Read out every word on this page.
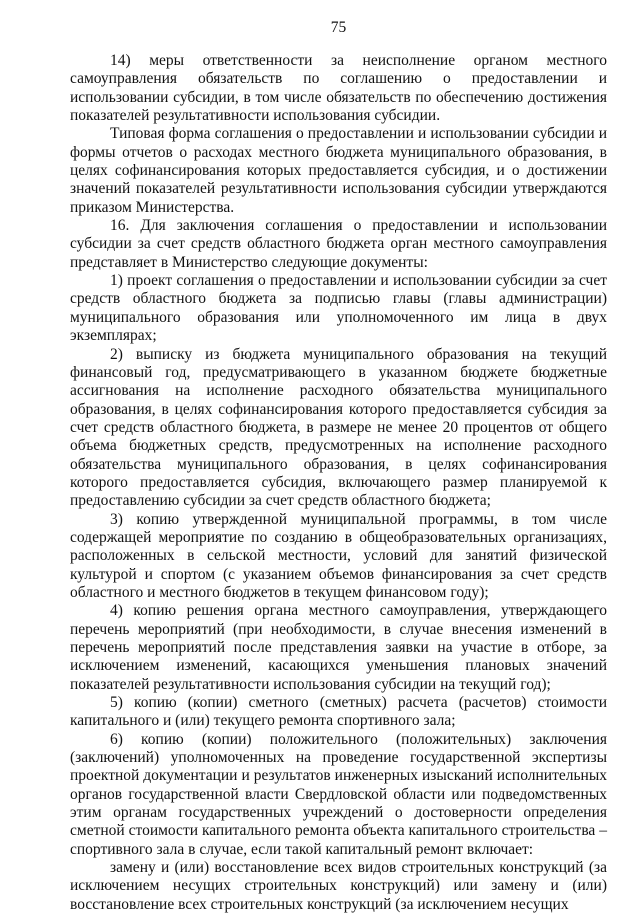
75

14) меры ответственности за неисполнение органом местного самоуправления обязательств по соглашению о предоставлении и использовании субсидии, в том числе обязательств по обеспечению достижения показателей результативности использования субсидии.

Типовая форма соглашения о предоставлении и использовании субсидии и формы отчетов о расходах местного бюджета муниципального образования, в целях софинансирования которых предоставляется субсидия, и о достижении значений показателей результативности использования субсидии утверждаются приказом Министерства.

16. Для заключения соглашения о предоставлении и использовании субсидии за счет средств областного бюджета орган местного самоуправления представляет в Министерство следующие документы:

1) проект соглашения о предоставлении и использовании субсидии за счет средств областного бюджета за подписью главы (главы администрации) муниципального образования или уполномоченного им лица в двух экземплярах;

2) выписку из бюджета муниципального образования на текущий финансовый год, предусматривающего в указанном бюджете бюджетные ассигнования на исполнение расходного обязательства муниципального образования, в целях софинансирования которого предоставляется субсидия за счет средств областного бюджета, в размере не менее 20 процентов от общего объема бюджетных средств, предусмотренных на исполнение расходного обязательства муниципального образования, в целях софинансирования которого предоставляется субсидия, включающего размер планируемой к предоставлению субсидии за счет средств областного бюджета;

3) копию утвержденной муниципальной программы, в том числе содержащей мероприятие по созданию в общеобразовательных организациях, расположенных в сельской местности, условий для занятий физической культурой и спортом (с указанием объемов финансирования за счет средств областного и местного бюджетов в текущем финансовом году);

4) копию решения органа местного самоуправления, утверждающего перечень мероприятий (при необходимости, в случае внесения изменений в перечень мероприятий после представления заявки на участие в отборе, за исключением изменений, касающихся уменьшения плановых значений показателей результативности использования субсидии на текущий год);

5) копию (копии) сметного (сметных) расчета (расчетов) стоимости капитального и (или) текущего ремонта спортивного зала;

6) копию (копии) положительного (положительных) заключения (заключений) уполномоченных на проведение государственной экспертизы проектной документации и результатов инженерных изысканий исполнительных органов государственной власти Свердловской области или подведомственных этим органам государственных учреждений о достоверности определения сметной стоимости капитального ремонта объекта капитального строительства – спортивного зала в случае, если такой капитальный ремонт включает:

замену и (или) восстановление всех видов строительных конструкций (за исключением несущих строительных конструкций) или замену и (или) восстановление всех строительных конструкций (за исключением несущих
